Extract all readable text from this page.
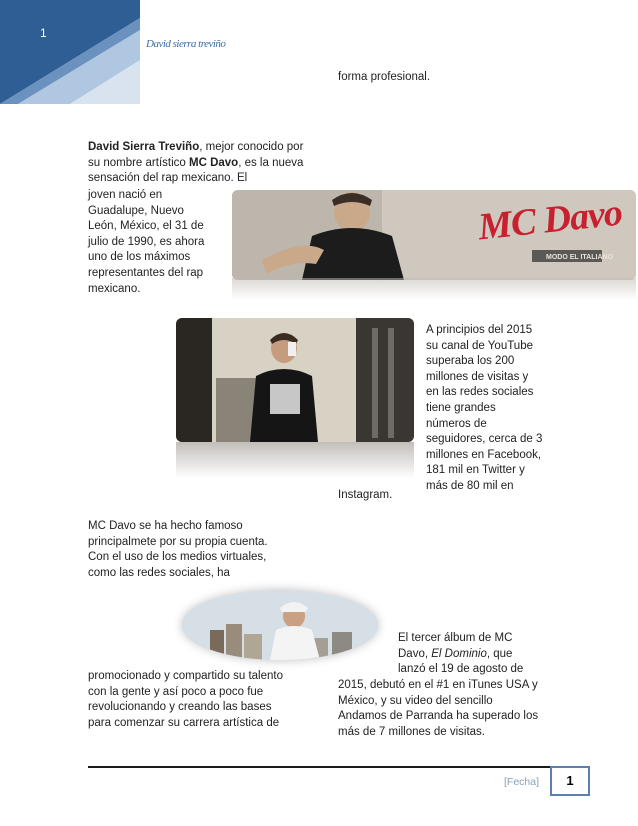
1
David sierra treviño

forma profesional.

David Sierra Treviño, mejor conocido por su nombre artístico MC Davo, es la nueva sensación del rap mexicano. El

joven nació en

Guadalupe, Nuevo

León, México, el 31 de

julio de 1990, es ahora

uno de los máximos

representantes del rap

mexicano.

MC Davo
MODO EL ITALIANO

A principios del 2015

su canal de YouTube

superaba los 200

millones de visitas y

en las redes sociales

tiene grandes

números de

seguidores, cerca de 3

millones en Facebook,

181 mil en Twitter y

más de 80 mil en

Instagram.

MC Davo se ha hecho famoso

principalmete por su propia cuenta.

Con el uso de los medios virtuales,

como las redes sociales, ha

promocionado y compartido su talento

con la gente y así poco a poco fue

revolucionando y creando las bases

para comenzar su carrera artística de

El tercer álbum de MC

Davo, El Dominio, que

lanzó el 19 de agosto de

2015, debutó en el #1 en iTunes USA y

México, y su video del sencillo

Andamos de Parranda ha superado los

más de 7 millones de visitas.

[Fecha]	1
